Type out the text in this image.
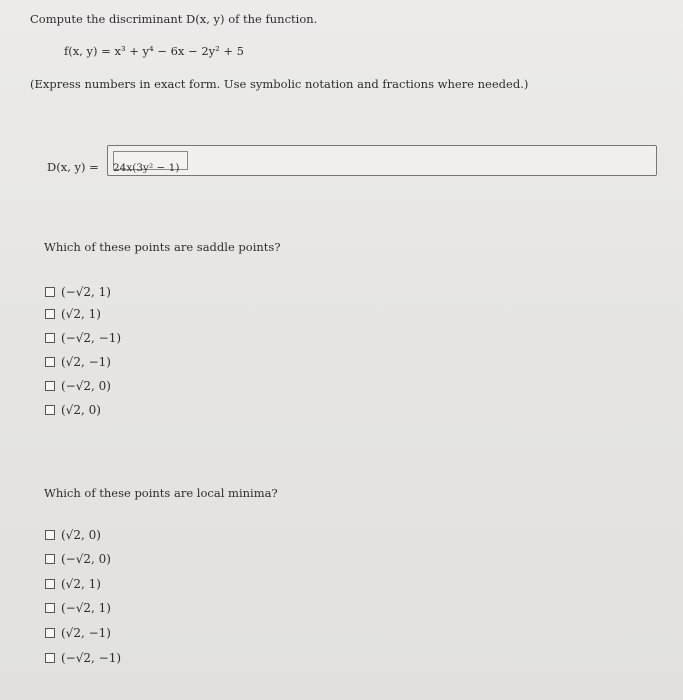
Compute the discriminant D(x, y) of the function.
f(x, y) = x³ + y⁴ − 6x − 2y² + 5
(Express numbers in exact form. Use symbolic notation and fractions where needed.)
D(x, y) = 24x(3y² − 1)
Which of these points are saddle points?
(−√2, 1)
(√2, 1)
(−√2, −1)
(√2, −1)
(−√2, 0)
(√2, 0)
Which of these points are local minima?
(√2, 0)
(−√2, 0)
(√2, 1)
(−√2, 1)
(√2, −1)
(−√2, −1)
